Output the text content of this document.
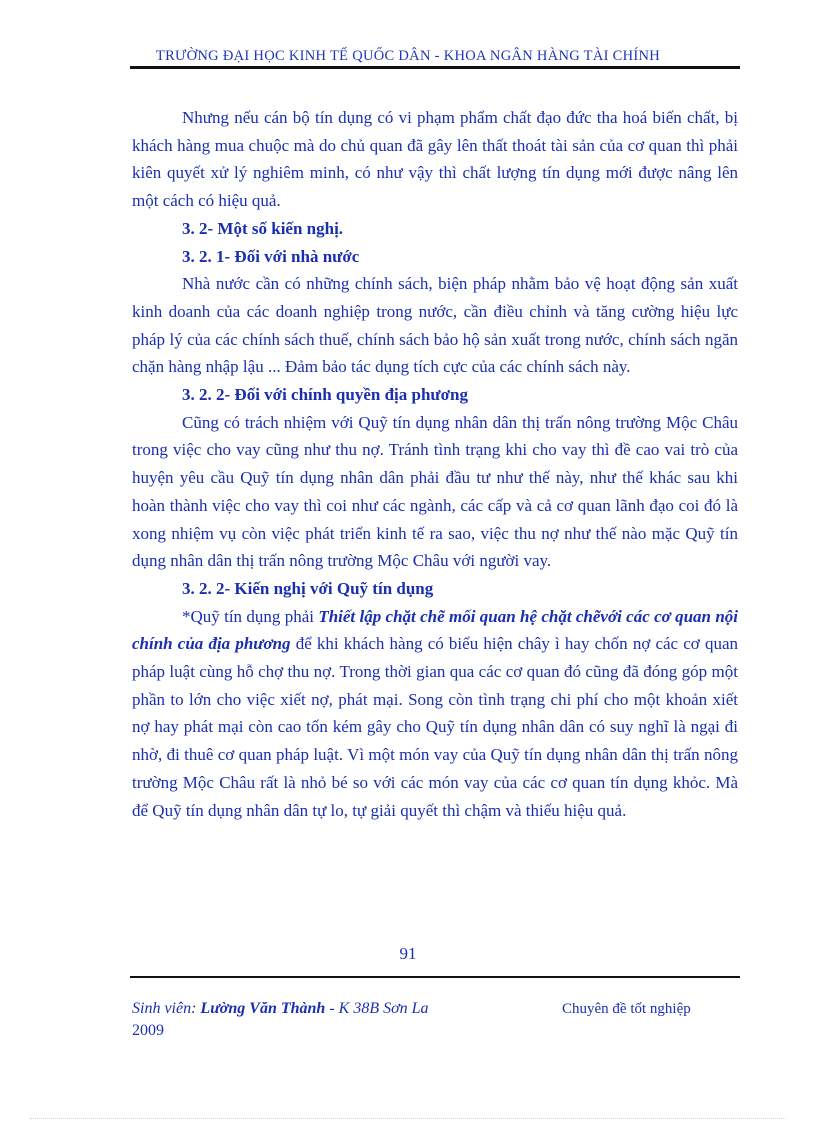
TRƯỜNG ĐẠI HỌC KINH TẾ QUỐC DÂN - KHOA NGÂN HÀNG TÀI CHÍNH

Nhưng nếu cán bộ tín dụng có vi phạm phẩm chất đạo đức tha hoá biến chất, bị khách hàng mua chuộc mà do chủ quan đã gây lên thất thoát tài sản của cơ quan thì phải kiên quyết xử lý nghiêm minh, có như vậy thì chất lượng tín dụng mới được nâng lên một cách có hiệu quả.

3. 2- Một số kiến nghị.

3. 2. 1- Đối với nhà nước

Nhà nước cần có những chính sách, biện pháp nhằm bảo vệ hoạt động sản xuất kinh doanh của các doanh nghiệp trong nước, cần điều chỉnh và tăng cường hiệu lực pháp lý của các chính sách thuế, chính sách bảo hộ sản xuất trong nước, chính sách ngăn chặn hàng nhập lậu ... Đảm bảo tác dụng tích cực của các chính sách này.

3. 2. 2- Đối với chính quyền địa phương

Cũng có trách nhiệm với Quỹ tín dụng nhân dân thị trấn nông trường Mộc Châu trong việc cho vay cũng như thu nợ. Tránh tình trạng khi cho vay thì đề cao vai trò của huyện yêu cầu Quỹ tín dụng nhân dân phải đầu tư như thế này, như thế khác sau khi hoàn thành việc cho vay thì coi như các ngành, các cấp và cả cơ quan lãnh đạo coi đó là xong nhiệm vụ còn việc phát triển kinh tế ra sao, việc thu nợ như thế nào mặc Quỹ tín dụng nhân dân thị trấn nông trường Mộc Châu với người vay.

3. 2. 2- Kiến nghị với Quỹ tín dụng

*Quỹ tín dụng phải Thiết lập chặt chẽ mối quan hệ chặt chẽvới các cơ quan nội chính của địa phương để khi khách hàng có biểu hiện chây ì hay chốn nợ các cơ quan pháp luật cùng hỗ chợ thu nợ. Trong thời gian qua các cơ quan đó cũng đã đóng góp một phần to lớn cho việc xiết nợ, phát mại. Song còn tình trạng chi phí cho một khoản xiết nợ hay phát mại còn cao tốn kém gây cho Quỹ tín dụng nhân dân có suy nghĩ là ngại đi nhờ, đi thuê cơ quan pháp luật. Vì một món vay của Quỹ tín dụng nhân dân thị trấn nông trường Mộc Châu rất là nhỏ bé so với các món vay của các cơ quan tín dụng khỏc. Mà để Quỹ tín dụng nhân dân tự lo, tự giải quyết thì chậm và thiếu hiệu quả.

91
Sinh viên: Lường Văn Thành - K 38B Sơn La
2009
Chuyên đề tốt nghiệp
